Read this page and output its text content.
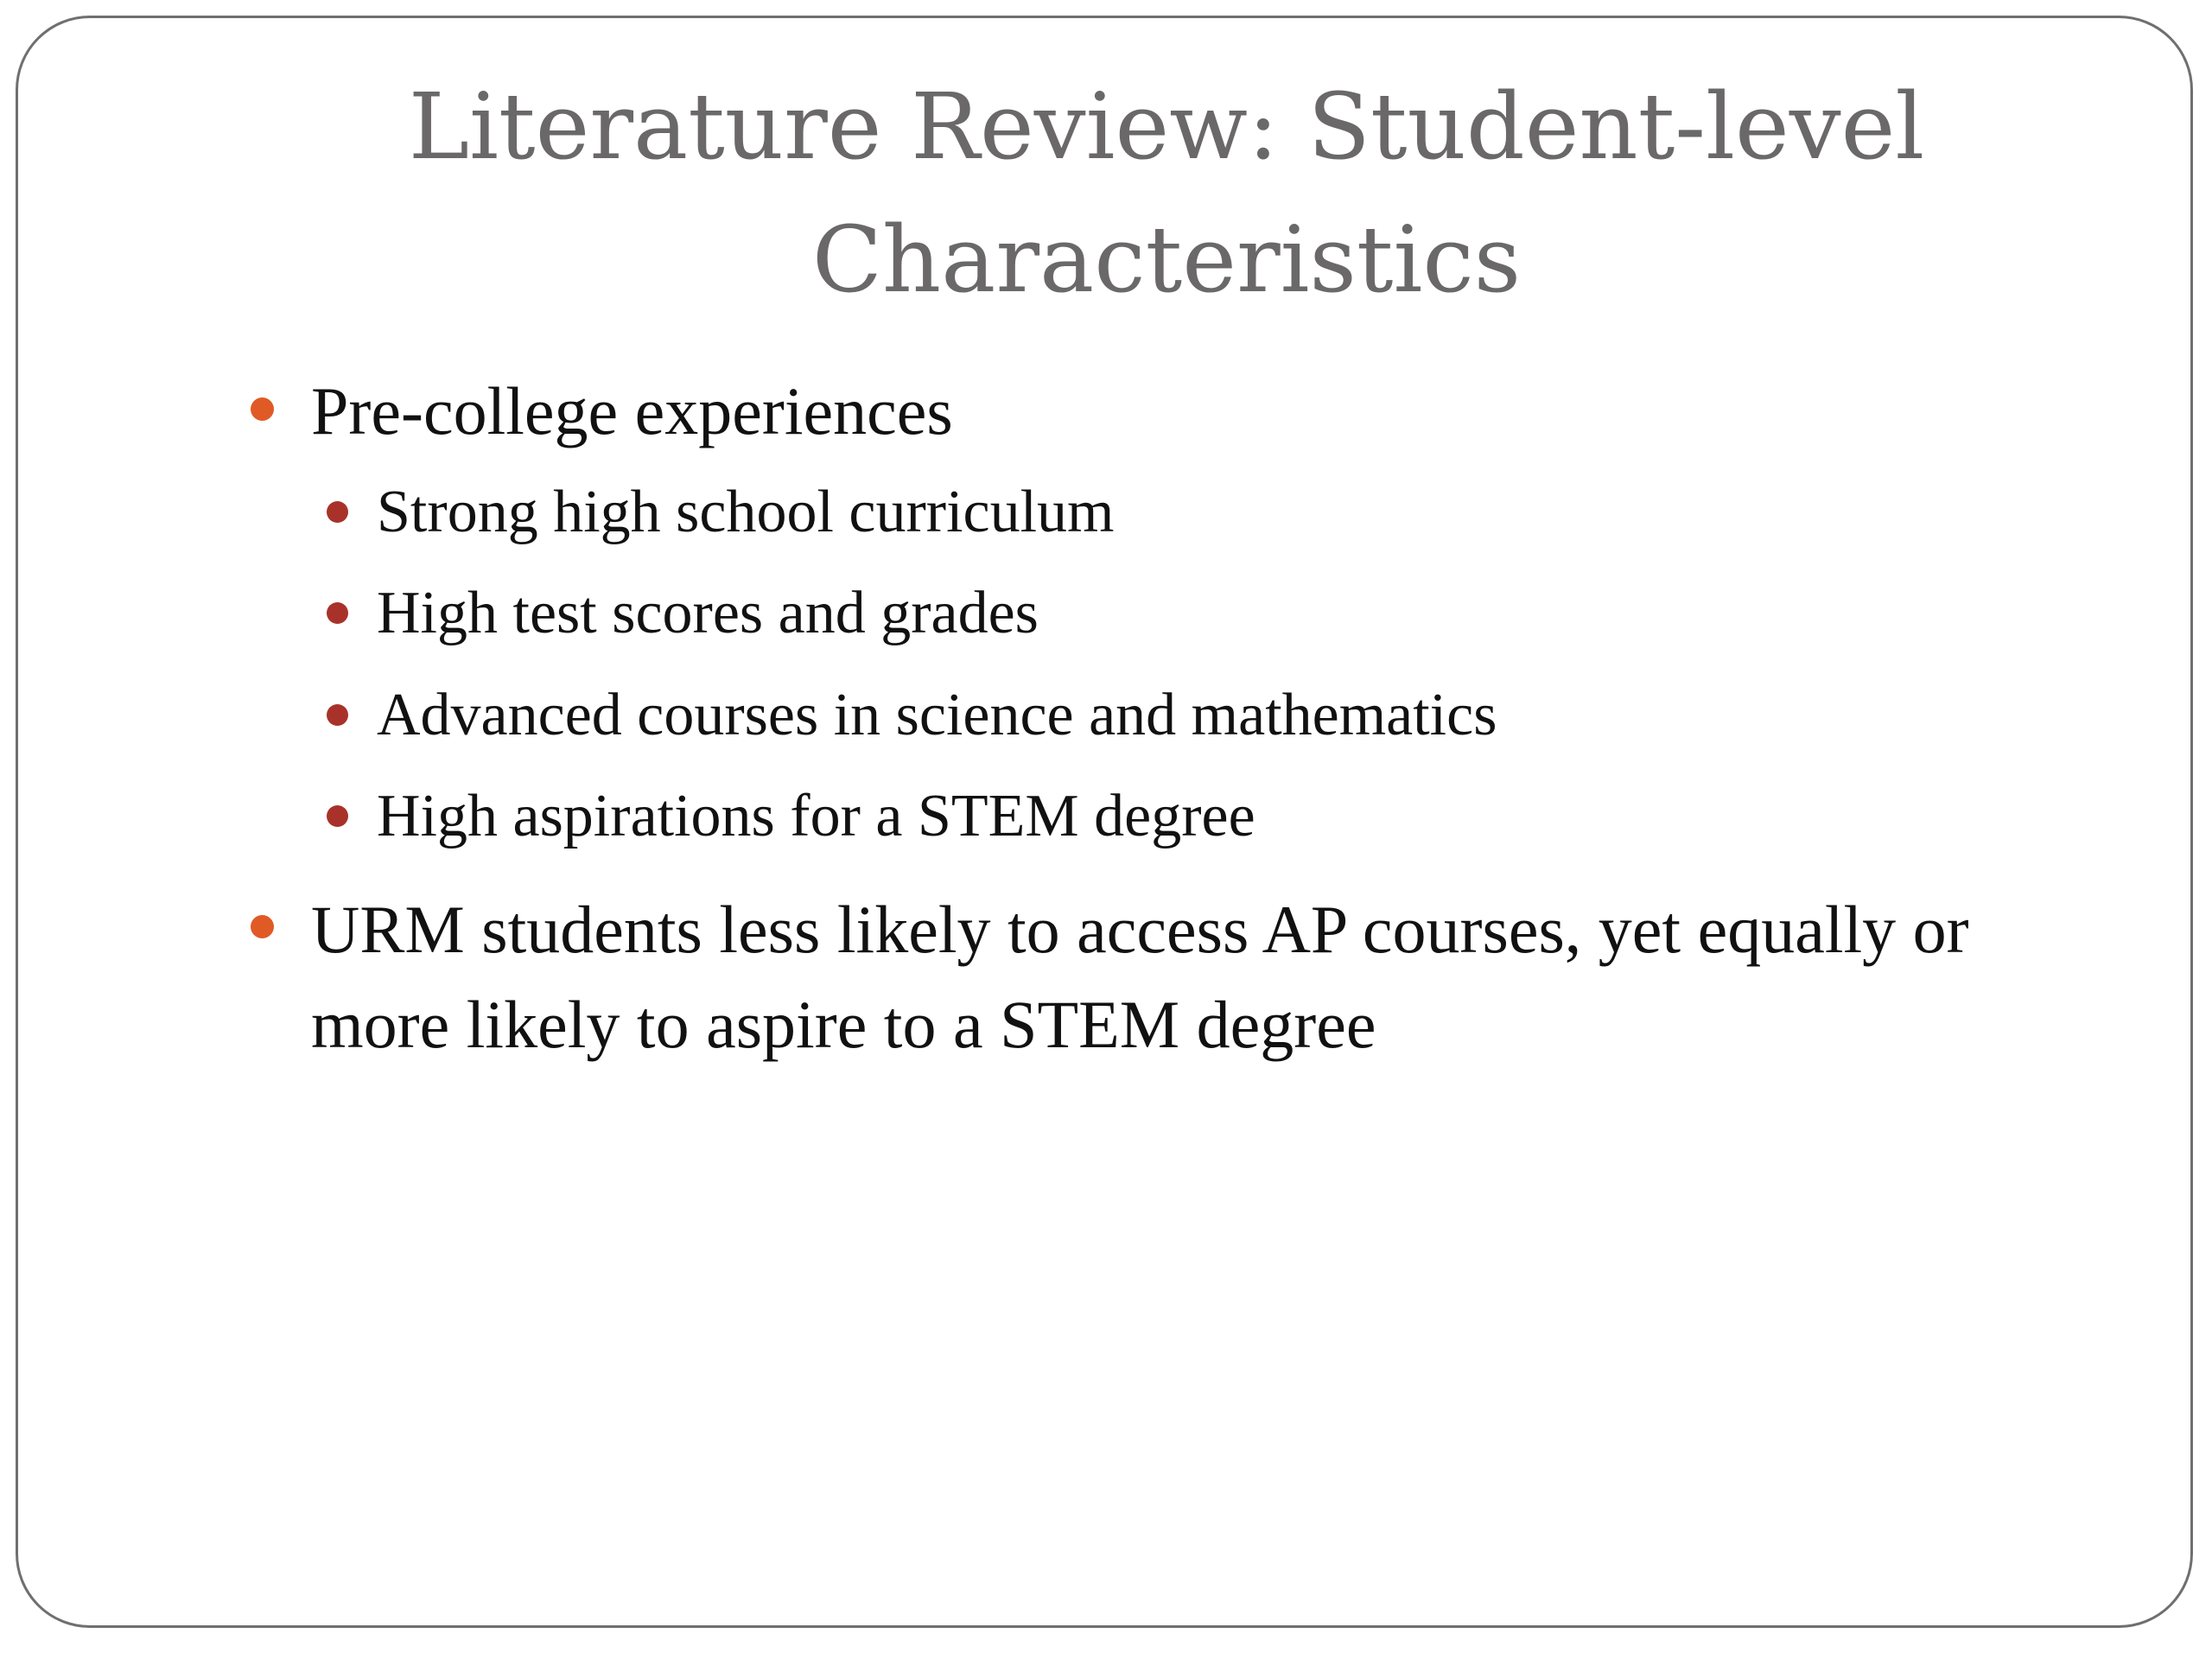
Literature Review: Student-level
Characteristics
Pre-college experiences
Strong high school curriculum
High test scores and grades
Advanced courses in science and mathematics
High aspirations for a STEM degree
URM students less likely to access AP courses, yet equally or
more likely to aspire to a STEM degree
